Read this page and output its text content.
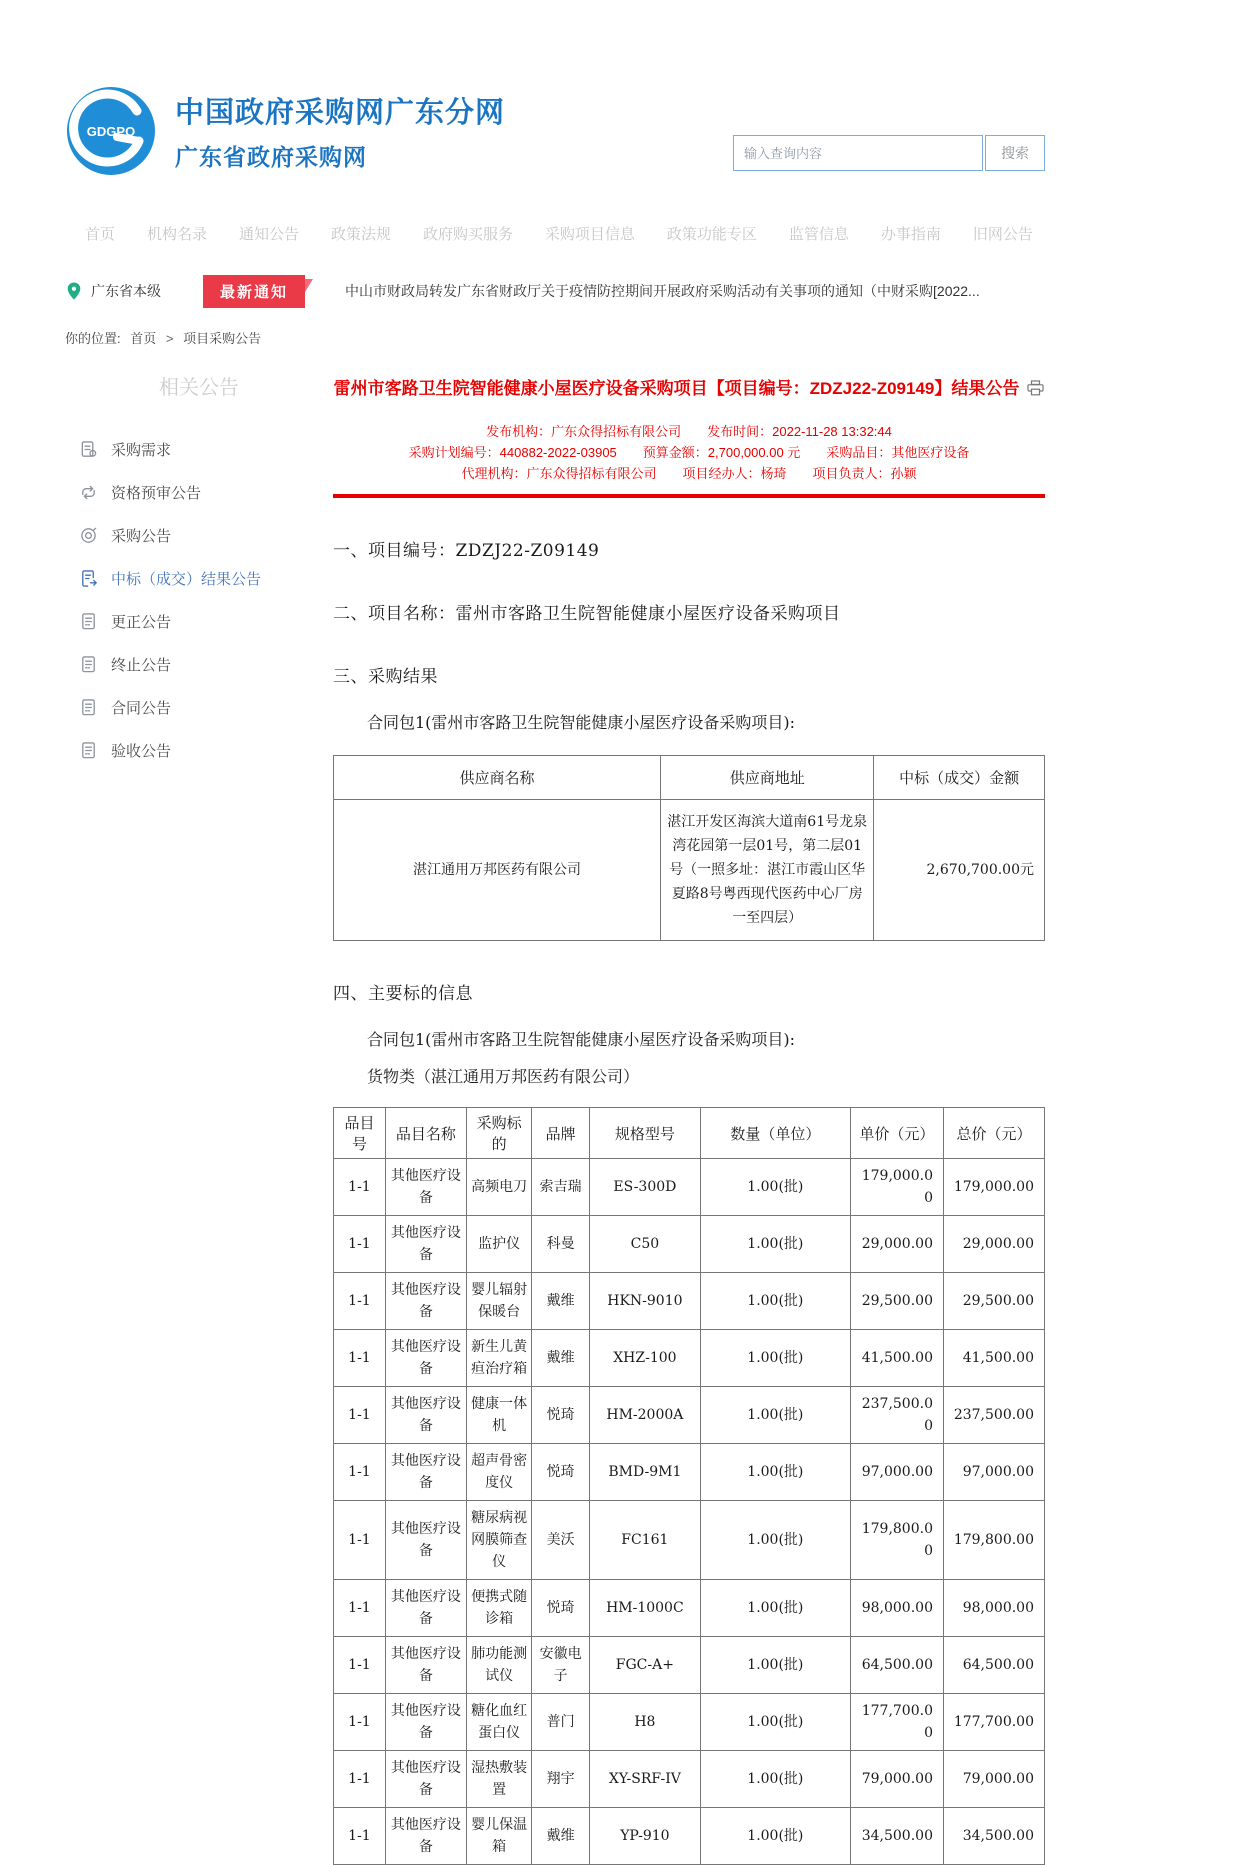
GDGPO
中国政府采购网广东分网
广东省政府采购网
输入查询内容	搜索
首页 机构名录 通知公告 政策法规 政府购买服务 采购项目信息 政策功能专区 监管信息 办事指南 旧网公告
广东省本级	最新通知	中山市财政局转发广东省财政厅关于疫情防控期间开展政府采购活动有关事项的通知（中财采购[2022...
你的位置: 首页 > 项目采购公告
相关公告
采购需求
资格预审公告
采购公告
中标（成交）结果公告
更正公告
终止公告
合同公告
验收公告
雷州市客路卫生院智能健康小屋医疗设备采购项目【项目编号：ZDZJ22-Z09149】结果公告
发布机构：广东众得招标有限公司 发布时间：2022-11-28 13:32:44
采购计划编号：440882-2022-03905 预算金额：2,700,000.00 元 采购品目：其他医疗设备
代理机构：广东众得招标有限公司 项目经办人：杨琦 项目负责人：孙颖
一、项目编号：ZDZJ22-Z09149
二、项目名称：雷州市客路卫生院智能健康小屋医疗设备采购项目
三、采购结果
合同包1(雷州市客路卫生院智能健康小屋医疗设备采购项目):
供应商名称	供应商地址	中标（成交）金额
湛江通用万邦医药有限公司	湛江开发区海滨大道南61号龙泉湾花园第一层01号，第二层01号（一照多址：湛江市霞山区华夏路8号粤西现代医药中心厂房一至四层）	2,670,700.00元
四、主要标的信息
合同包1(雷州市客路卫生院智能健康小屋医疗设备采购项目):
货物类（湛江通用万邦医药有限公司）
品目号	品目名称	采购标的	品牌	规格型号	数量（单位）	单价（元）	总价（元）
1-1	其他医疗设备	高频电刀	索吉瑞	ES-300D	1.00(批)	179,000.00	179,000.00
1-1	其他医疗设备	监护仪	科曼	C50	1.00(批)	29,000.00	29,000.00
1-1	其他医疗设备	婴儿辐射保暖台	戴维	HKN-9010	1.00(批)	29,500.00	29,500.00
1-1	其他医疗设备	新生儿黄疸治疗箱	戴维	XHZ-100	1.00(批)	41,500.00	41,500.00
1-1	其他医疗设备	健康一体机	悦琦	HM-2000A	1.00(批)	237,500.00	237,500.00
1-1	其他医疗设备	超声骨密度仪	悦琦	BMD-9M1	1.00(批)	97,000.00	97,000.00
1-1	其他医疗设备	糖尿病视网膜筛查仪	美沃	FC161	1.00(批)	179,800.00	179,800.00
1-1	其他医疗设备	便携式随诊箱	悦琦	HM-1000C	1.00(批)	98,000.00	98,000.00
1-1	其他医疗设备	肺功能测试仪	安徽电子	FGC-A+	1.00(批)	64,500.00	64,500.00
1-1	其他医疗设备	糖化血红蛋白仪	普门	H8	1.00(批)	177,700.00	177,700.00
1-1	其他医疗设备	湿热敷装置	翔宇	XY-SRF-IV	1.00(批)	79,000.00	79,000.00
1-1	其他医疗设备	婴儿保温箱	戴维	YP-910	1.00(批)	34,500.00	34,500.00
